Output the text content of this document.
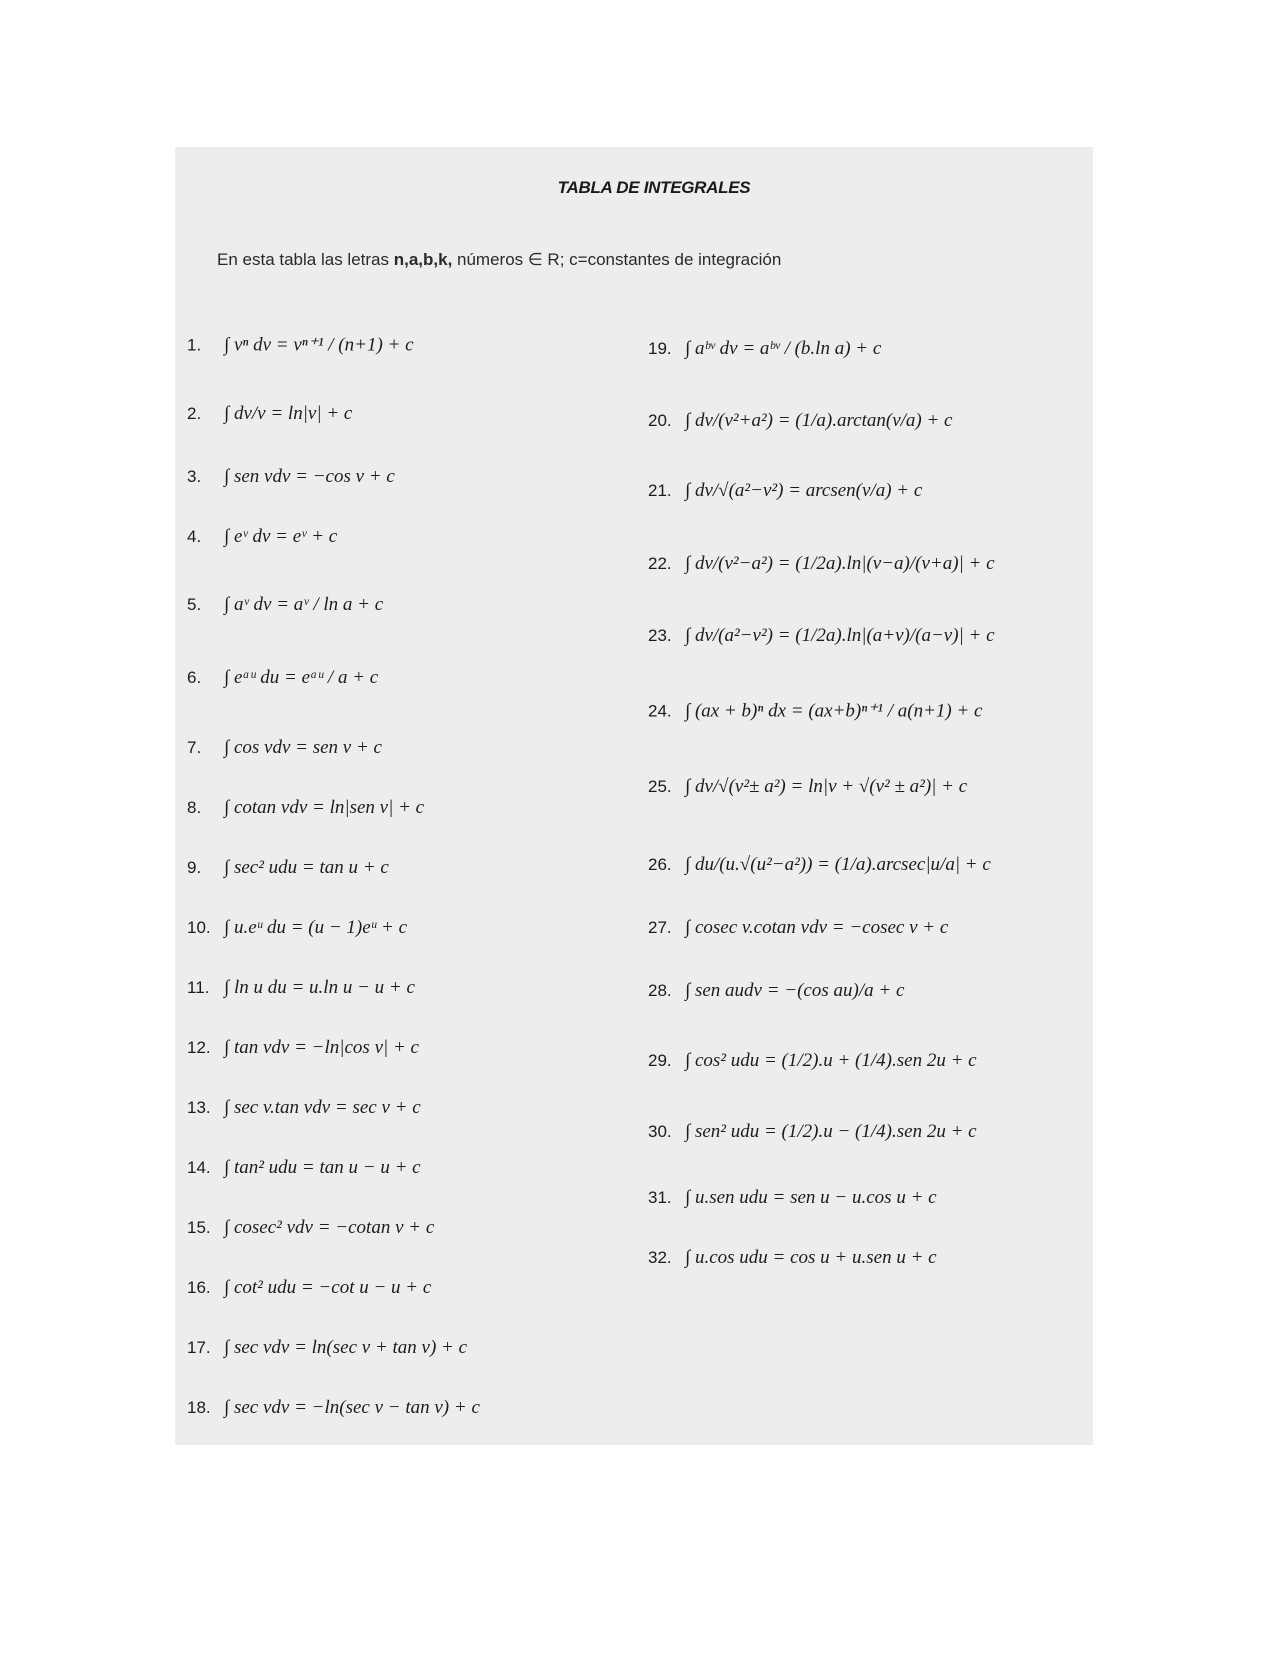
TABLA DE INTEGRALES
En esta tabla las letras n,a,b,k, números ∈ R; c=constantes de integración
1.	∫ vⁿ dv = vⁿ⁺¹ / (n+1) + c
2.	∫ dv/v = ln|v| + c
3.	∫ sen vdv = −cos v + c
4.	∫ eᵛ dv = eᵛ + c
5.	∫ aᵛ dv = aᵛ / ln a + c
6.	∫ eᵃᵘ du = eᵃᵘ / a + c
7.	∫ cos vdv = sen v + c
8.	∫ cotan vdv = ln|sen v| + c
9.	∫ sec² udu = tan u + c
10. ∫ u.eᵘ du = (u − 1)eᵘ + c
11. ∫ ln u du = u.ln u − u + c
12. ∫ tan vdv = −ln|cos v| + c
13. ∫ sec v.tan vdv = sec v + c
14. ∫ tan² udu = tan u − u + c
15. ∫ cosec² vdv = −cotan v + c
16. ∫ cot² udu = −cot u − u + c
17. ∫ sec vdv = ln(sec v + tan v) + c
18. ∫ sec vdv = −ln(sec v − tan v) + c
19. ∫ aᵇᵛ dv = aᵇᵛ / (b.ln a) + c
20. ∫ dv/(v²+a²) = (1/a).arctan(v/a) + c
21. ∫ dv/√(a²−v²) = arcsen(v/a) + c
22. ∫ dv/(v²−a²) = (1/2a).ln|(v−a)/(v+a)| + c
23. ∫ dv/(a²−v²) = (1/2a).ln|(a+v)/(a−v)| + c
24. ∫ (ax + b)ⁿ dx = (ax+b)ⁿ⁺¹ / a(n+1) + c
25. ∫ dv/√(v²± a²) = ln|v + √(v² ± a²)| + c
26. ∫ du/(u.√(u²−a²)) = (1/a).arcsec|u/a| + c
27. ∫ cosec v.cotan vdv = −cosec v + c
28. ∫ sen audv = −(cos au)/a + c
29. ∫ cos² udu = (1/2).u + (1/4).sen 2u + c
30. ∫ sen² udu = (1/2).u − (1/4).sen 2u + c
31. ∫ u.sen udu = sen u − u.cos u + c
32. ∫ u.cos udu = cos u + u.sen u + c
